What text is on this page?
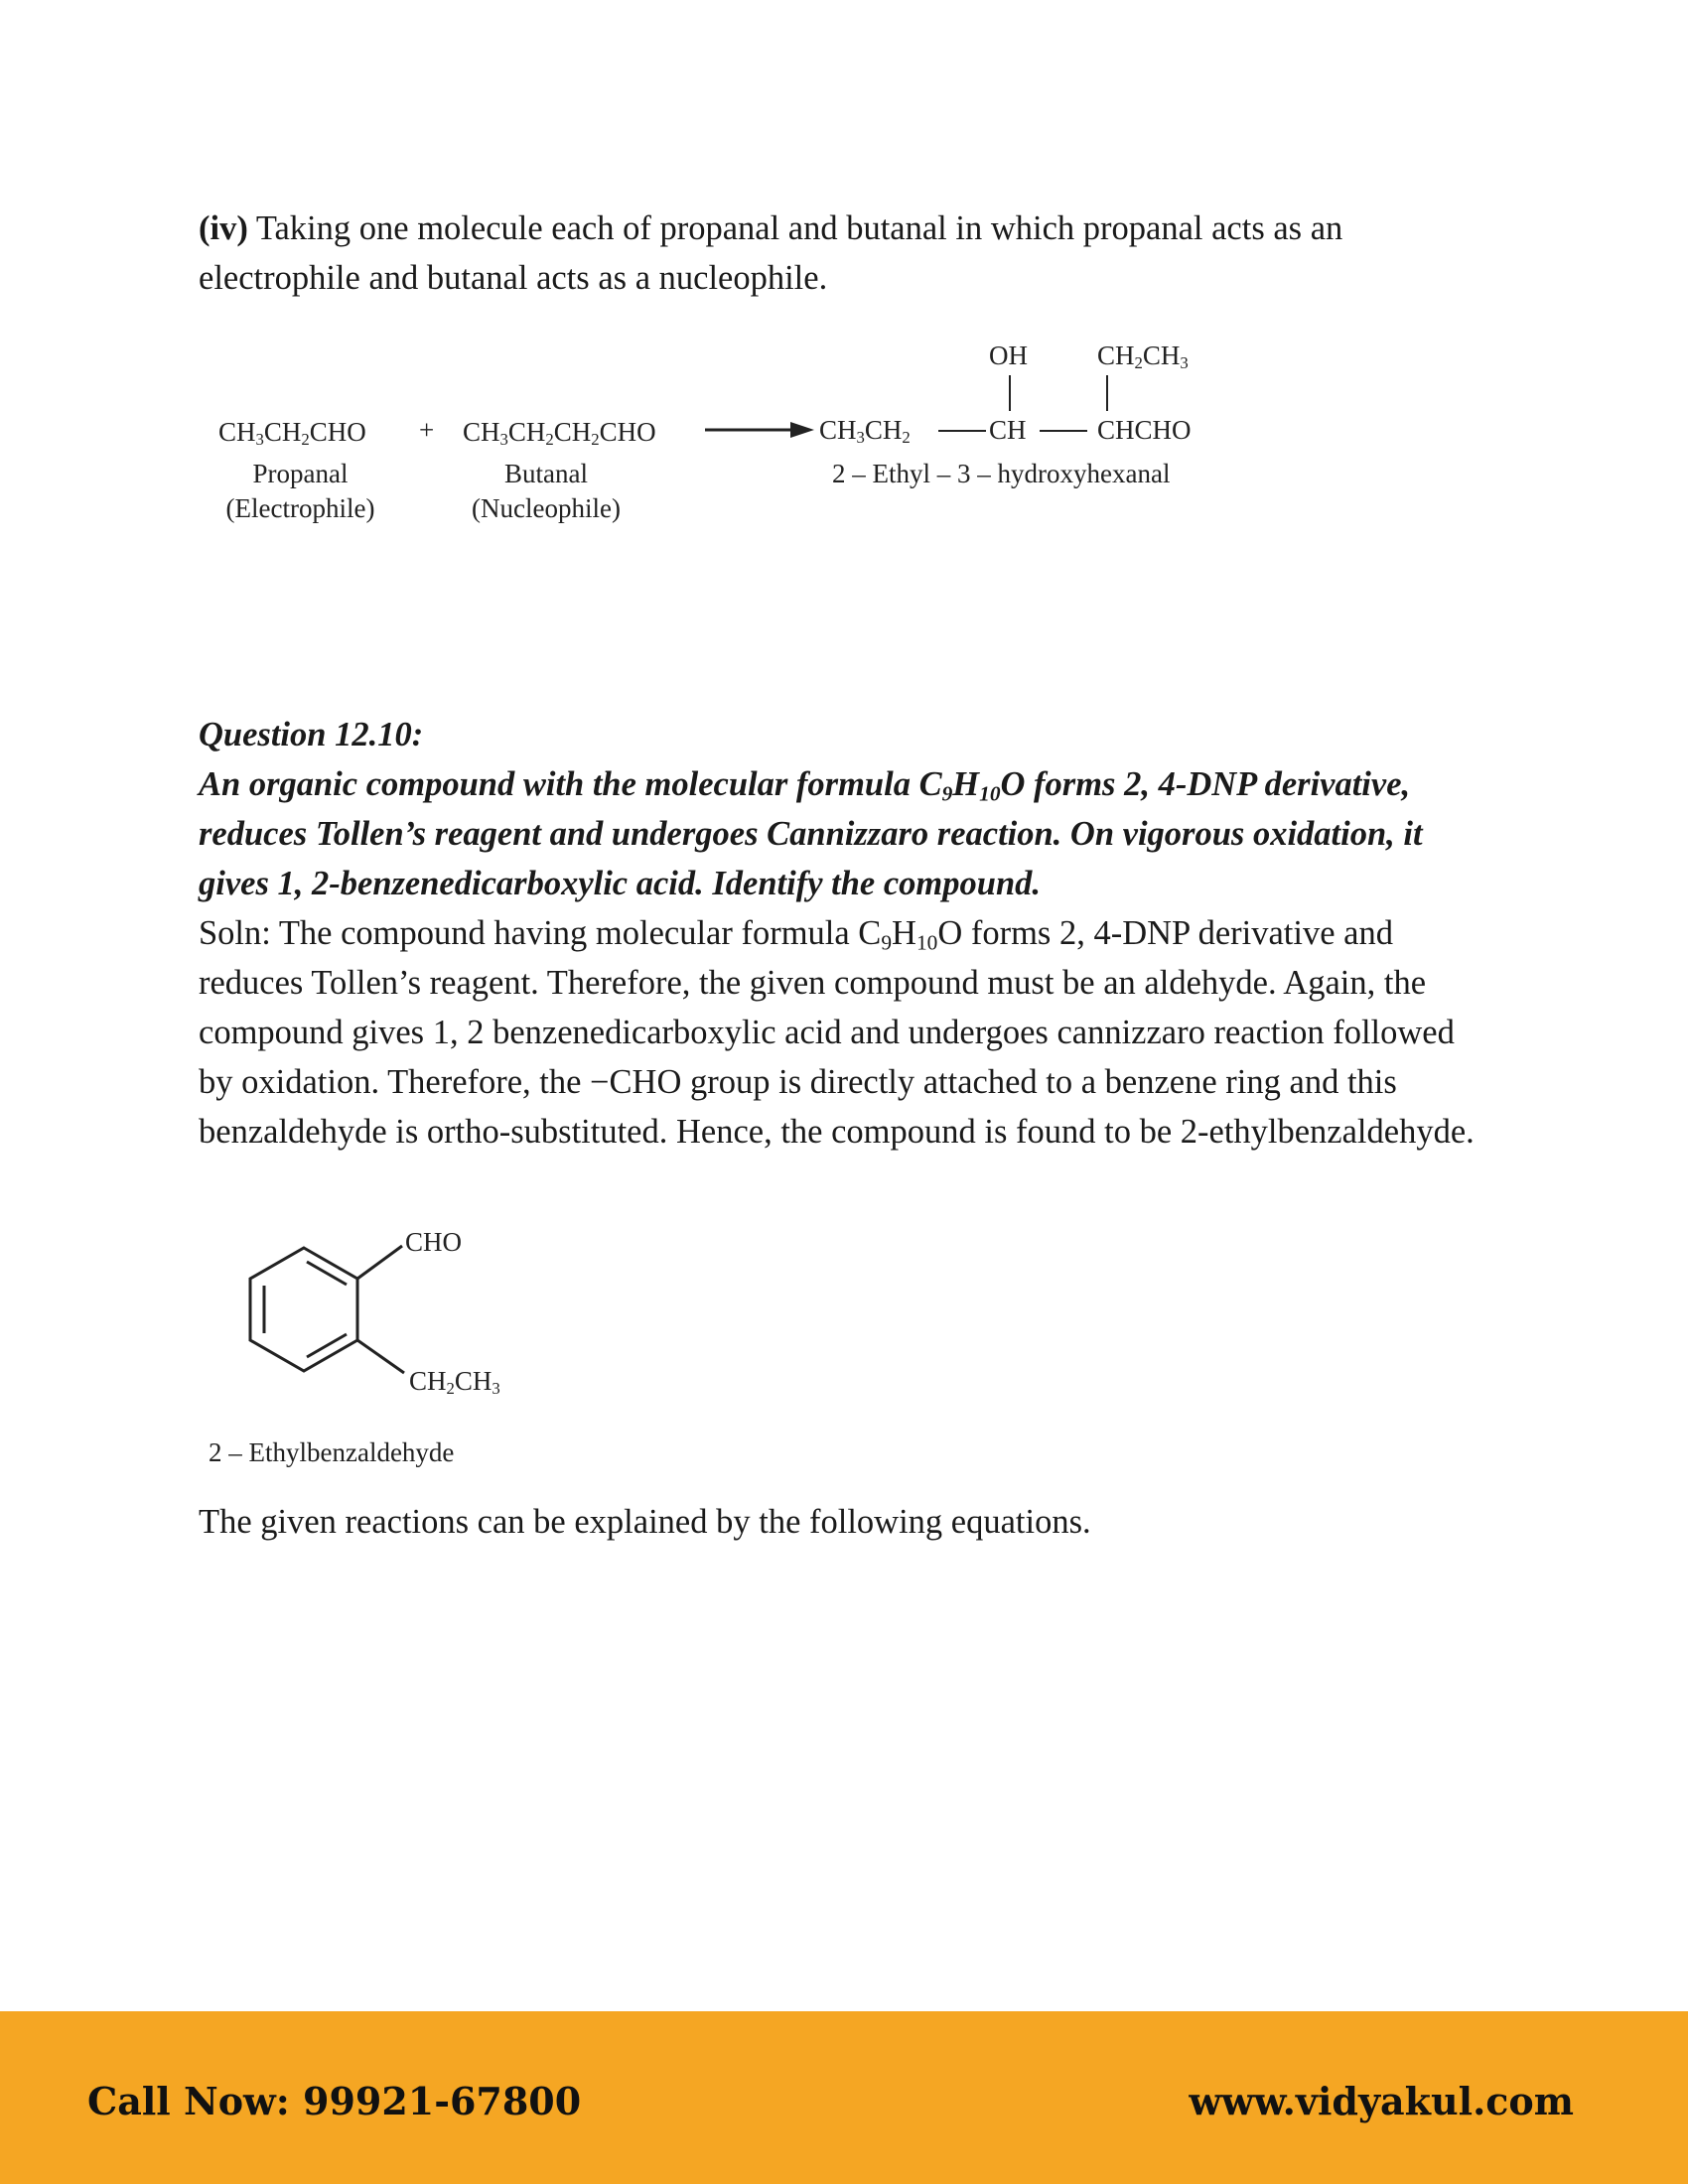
(iv) Taking one molecule each of propanal and butanal in which propanal acts as an electrophile and butanal acts as a nucleophile.

$CH_3CH_2CHO$
Propanal
(Electrophile)
+ $CH_3CH_2CH_2CHO$
Butanal
(Nucleophile)
OH	$CH_2CH_3$
$CH_3CH_2$	CH	CHCHO
2 – Ethyl – 3 – hydroxyhexanal

Question 12.10:

An organic compound with the molecular formula $C_9H_{10}O$ forms 2, 4-DNP derivative, reduces Tollen’s reagent and undergoes Cannizzaro reaction. On vigorous oxidation, it gives 1, 2-benzenedicarboxylic acid. Identify the compound.

Soln: The compound having molecular formula $C_9H_{10}O$ forms 2, 4-DNP derivative and reduces Tollen’s reagent. Therefore, the given compound must be an aldehyde. Again, the compound gives 1, 2 benzenedicarboxylic acid and undergoes cannizzaro reaction followed by oxidation. Therefore, the −CHO group is directly attached to a benzene ring and this benzaldehyde is ortho-substituted. Hence, the compound is found to be 2-ethylbenzaldehyde.

CHO
$CH_2CH_3$
2 – Ethylbenzaldehyde

The given reactions can be explained by the following equations.

Call Now: 99921-67800	www.vidyakul.com
